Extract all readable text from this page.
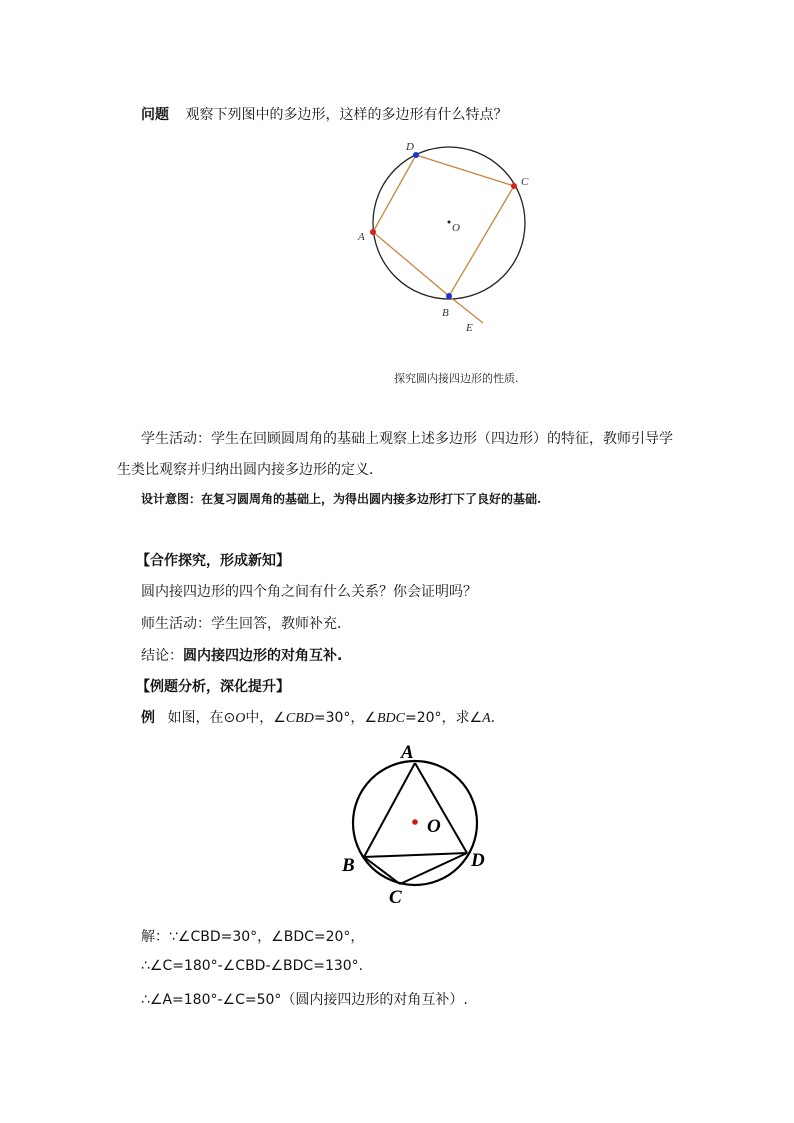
问题 观察下列图中的多边形，这样的多边形有什么特点？
D
C
O
A
B
E
探究圆内接四边形的性质.
学生活动：学生在回顾圆周角的基础上观察上述多边形（四边形）的特征，教师引导学
生类比观察并归纳出圆内接多边形的定义．
设计意图：在复习圆周角的基础上，为得出圆内接多边形打下了良好的基础.
【合作探究，形成新知】
圆内接四边形的四个角之间有什么关系？你会证明吗？
师生活动：学生回答，教师补充．
结论：圆内接四边形的对角互补.
【例题分析，深化提升】
例 如图，在⊙O中，∠CBD=30°，∠BDC=20°，求∠A．
A
O
B	D
C
解：∵∠CBD=30°，∠BDC=20°，
∴∠C=180°-∠CBD-∠BDC=130°.
∴∠A=180°-∠C=50°（圆内接四边形的对角互补）.
